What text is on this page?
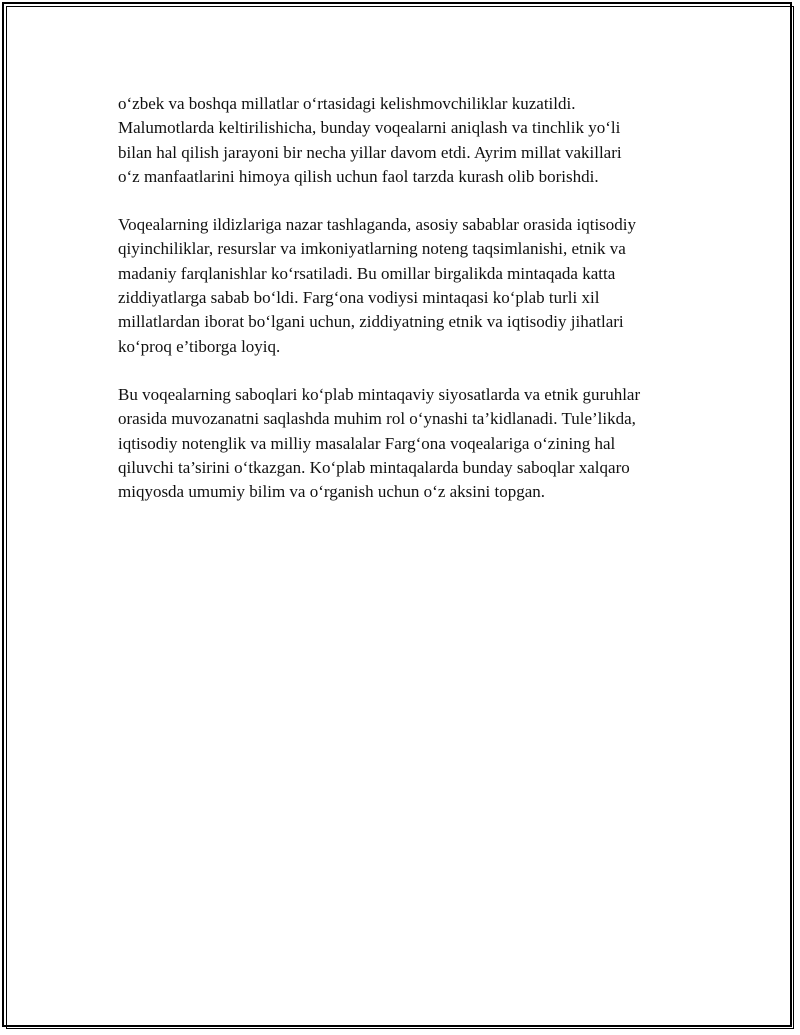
o‘zbek va boshqa millatlar o‘rtasidagi kelishmovchiliklar kuzatildi.
Malumotlarda keltirilishicha, bunday voqealarni aniqlash va tinchlik yo‘li
bilan hal qilish jarayoni bir necha yillar davom etdi. Ayrim millat vakillari
o‘z manfaatlarini himoya qilish uchun faol tarzda kurash olib borishdi.

Voqealarning ildizlariga nazar tashlaganda, asosiy sabablar orasida iqtisodiy
qiyinchiliklar, resurslar va imkoniyatlarning noteng taqsimlanishi, etnik va
madaniy farqlanishlar ko‘rsatiladi. Bu omillar birgalikda mintaqada katta
ziddiyatlarga sabab bo‘ldi. Farg‘ona vodiysi mintaqasi ko‘plab turli xil
millatlardan iborat bo‘lgani uchun, ziddiyatning etnik va iqtisodiy jihatlari
ko‘proq e’tiborga loyiq.

Bu voqealarning saboqlari ko‘plab mintaqaviy siyosatlarda va etnik guruhlar
orasida muvozanatni saqlashda muhim rol o‘ynashi ta’kidlanadi. Tule’likda,
iqtisodiy notenglik va milliy masalalar Farg‘ona voqealariga o‘zining hal
qiluvchi ta’sirini o‘tkazgan. Ko‘plab mintaqalarda bunday saboqlar xalqaro
miqyosda umumiy bilim va o‘rganish uchun o‘z aksini topgan.
